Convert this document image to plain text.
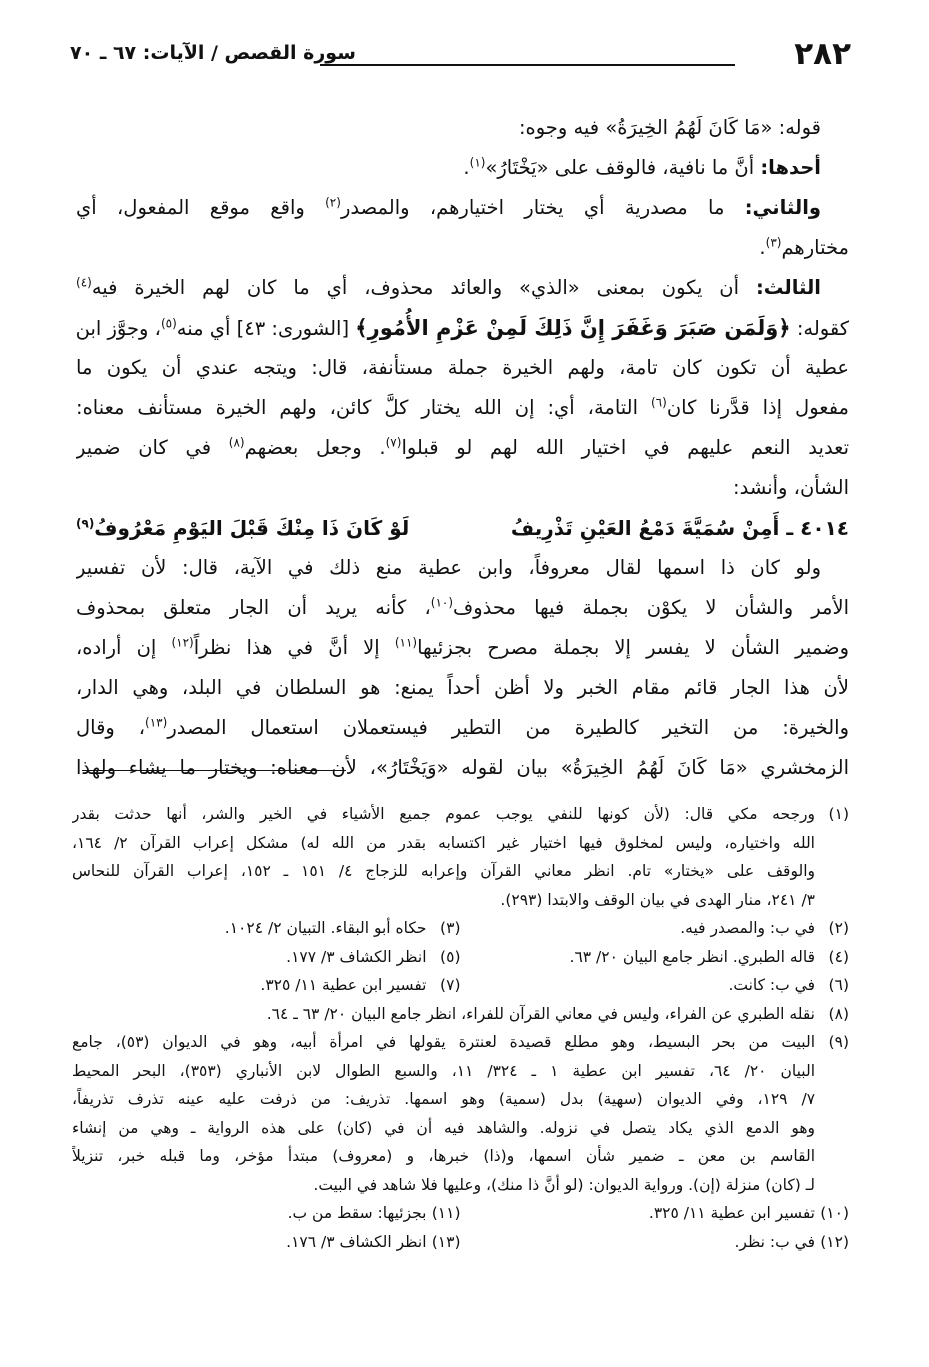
٢٨٢
سورة القصص / الآيات: ٦٧ ـ ٧٠

قوله: «مَا كَانَ لَهُمُ الخِيرَةُ» فيه وجوه:

أحدها: أنَّ ما نافية، فالوقف على «يَخْتَارُ»$^{(١)}$.

والثاني: ما مصدرية أي يختار اختيارهم، والمصدر$^{(٢)}$ واقع موقع المفعول، أي

مختارهم$^{(٣)}$.

الثالث: أن يكون بمعنى «الذي» والعائد محذوف، أي ما كان لهم الخيرة فيه$^{(٤)}$

كقوله: ﴿وَلَمَن صَبَرَ وَغَفَرَ إِنَّ ذَلِكَ لَمِنْ عَزْمِ الأُمُورِ﴾ [الشورى: ٤٣] أي منه$^{(٥)}$، وجوَّز ابن

عطية أن تكون كان تامة، ولهم الخيرة جملة مستأنفة، قال: ويتجه عندي أن يكون ما

مفعول إذا قدَّرنا كان$^{(٦)}$ التامة، أي: إن الله يختار كلَّ كائن، ولهم الخيرة مستأنف معناه:

تعديد النعم عليهم في اختيار الله لهم لو قبلوا$^{(٧)}$. وجعل بعضهم$^{(٨)}$ في كان ضمير

الشأن، وأنشد:

٤٠١٤ ـ أَمِنْ سُمَيَّةَ دَمْعُ العَيْنِ تَذْرِيفُ
لَوْ كَانَ ذَا مِنْكَ قَبْلَ اليَوْمِ مَعْرُوفُ$^{(٩)}$

ولو كان ذا اسمها لقال معروفاً، وابن عطية منع ذلك في الآية، قال: لأن تفسير

الأمر والشأن لا يكوْن بجملة فيها محذوف$^{(١٠)}$، كأنه يريد أن الجار متعلق بمحذوف

وضمير الشأن لا يفسر إلا بجملة مصرح بجزئيها$^{(١١)}$ إلا أنَّ في هذا نظراً$^{(١٢)}$ إن أراده،

لأن هذا الجار قائم مقام الخبر ولا أظن أحداً يمنع: هو السلطان في البلد، وهي الدار،

والخيرة: من التخير كالطيرة من التطير فيستعملان استعمال المصدر$^{(١٣)}$، وقال

الزمخشري «مَا كَانَ لَهُمُ الخِيرَةُ» بيان لقوله «وَيَخْتَارُ»، لأن معناه: ويختار ما يشاء ولهذا

(١)
ورجحه مكي قال: (لأن كونها للنفي يوجب عموم جميع الأشياء في الخير والشر، أنها حدثت بقدر
الله واختياره، وليس لمخلوق فيها اختيار غير اكتسابه بقدر من الله له) مشكل إعراب القرآن ٢/ ١٦٤،
والوقف على «يختار» تام. انظر معاني القرآن وإعرابه للزجاج ٤/ ١٥١ ـ ١٥٢، إعراب القرآن للنحاس
٣/ ٢٤١، منار الهدى في بيان الوقف والابتدا (٢٩٣).
(٢)
في ب: والمصدر فيه.
(٣)
حكاه أبو البقاء. التبيان ٢/ ١٠٢٤.
(٤)
قاله الطبري. انظر جامع البيان ٢٠/ ٦٣.
(٥)
انظر الكشاف ٣/ ١٧٧.
(٦)
في ب: كانت.
(٧)
تفسير ابن عطية ١١/ ٣٢٥.
(٨)
نقله الطبري عن الفراء، وليس في معاني القرآن للفراء، انظر جامع البيان ٢٠/ ٦٣ ـ ٦٤.
(٩)
البيت من بحر البسيط، وهو مطلع قصيدة لعنترة يقولها في امرأة أبيه، وهو في الديوان (٥٣)، جامع
البيان ٢٠/ ٦٤، تفسير ابن عطية ١ ـ ٣٢٤/ ١١، والسبع الطوال لابن الأنباري (٣٥٣)، البحر المحيط
٧/ ١٢٩، وفي الديوان (سهية) بدل (سمية) وهو اسمها. تذريف: من ذرفت عليه عينه تذرف تذريفاً،
وهو الدمع الذي يكاد يتصل في نزوله. والشاهد فيه أن في (كان) على هذه الرواية ـ وهي من إنشاء
القاسم بن معن ـ ضمير شأن اسمها، و(ذا) خبرها، و (معروف) مبتدأ مؤخر، وما قبله خبر، تنزيلاً
لـ (كان) منزلة (إن). ورواية الديوان: (لو أنَّ ذا منك)، وعليها فلا شاهد في البيت.
(١٠)
تفسير ابن عطية ١١/ ٣٢٥.
(١١)
بجزئيها: سقط من ب.
(١٢)
في ب: نظر.
(١٣)
انظر الكشاف ٣/ ١٧٦.
